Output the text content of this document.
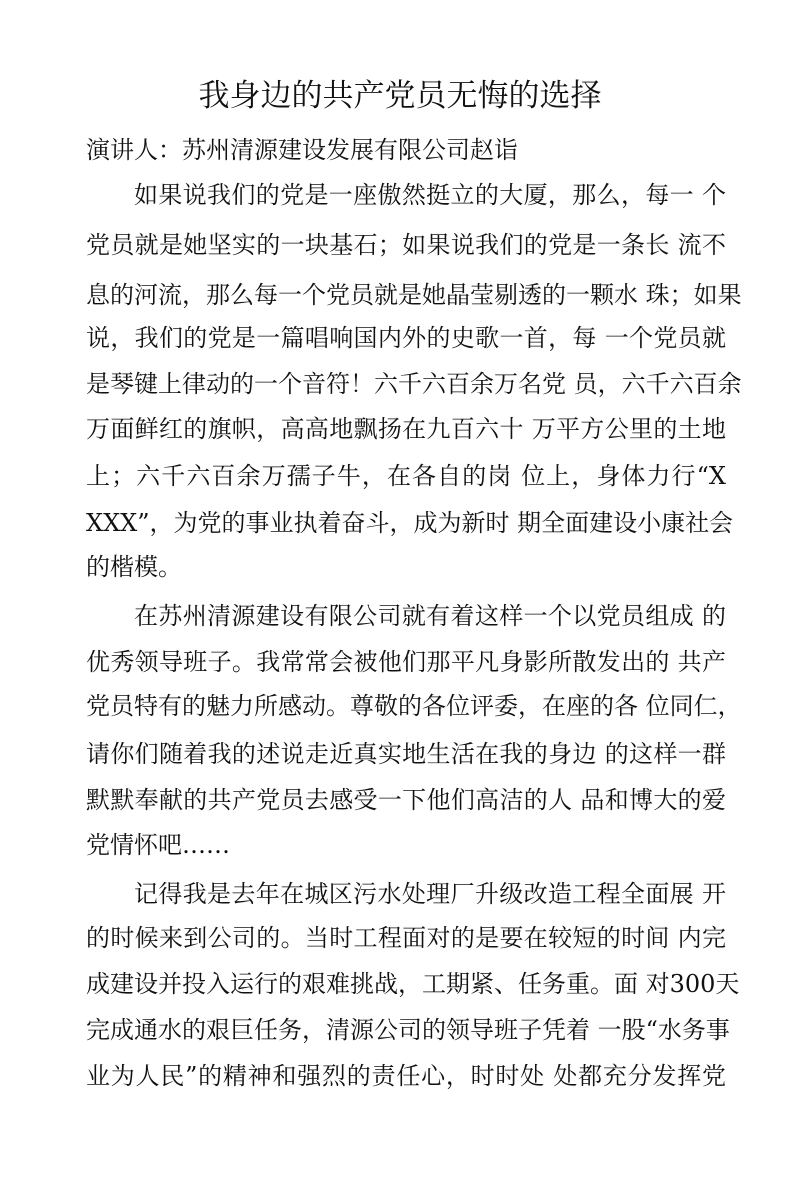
我身边的共产党员无悔的选择
演讲人：苏州清源建设发展有限公司赵诣
如果说我们的党是一座傲然挺立的大厦，那么，每一 个
党员就是她坚实的一块基石；如果说我们的党是一条长 流不
息的河流，那么每一个党员就是她晶莹剔透的一颗水 珠；如果
说，我们的党是一篇唱响国内外的史歌一首，每 一个党员就
是琴键上律动的一个音符！六千六百余万名党 员，六千六百余
万面鲜红的旗帜，高高地飘扬在九百六十 万平方公里的土地
上；六千六百余万孺子牛，在各自的岗 位上，身体力行“X
XXX”，为党的事业执着奋斗，成为新时 期全面建设小康社会
的楷模。
在苏州清源建设有限公司就有着这样一个以党员组成 的
优秀领导班子。我常常会被他们那平凡身影所散发出的 共产
党员特有的魅力所感动。尊敬的各位评委，在座的各 位同仁，
请你们随着我的述说走近真实地生活在我的身边 的这样一群
默默奉献的共产党员去感受一下他们高洁的人 品和博大的爱
党情怀吧……
记得我是去年在城区污水处理厂升级改造工程全面展 开
的时候来到公司的。当时工程面对的是要在较短的时间 内完
成建设并投入运行的艰难挑战，工期紧、任务重。面 对300天
完成通水的艰巨任务，清源公司的领导班子凭着 一股“水务事
业为人民”的精神和强烈的责任心，时时处 处都充分发挥党
